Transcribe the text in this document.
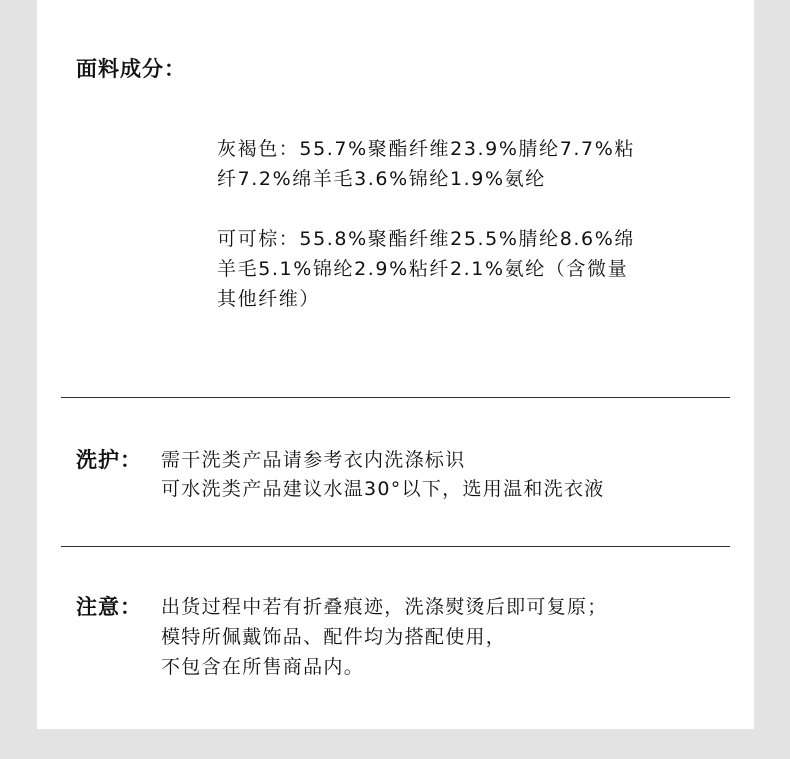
面料成分：
灰褐色：55.7%聚酯纤维23.9%腈纶7.7%粘
纤7.2%绵羊毛3.6%锦纶1.9%氨纶
可可棕：55.8%聚酯纤维25.5%腈纶8.6%绵
羊毛5.1%锦纶2.9%粘纤2.1%氨纶（含微量
其他纤维）
洗护： 需干洗类产品请参考衣内洗涤标识
可水洗类产品建议水温30°以下，选用温和洗衣液
注意： 出货过程中若有折叠痕迹，洗涤熨烫后即可复原；
模特所佩戴饰品、配件均为搭配使用，
不包含在所售商品内。
